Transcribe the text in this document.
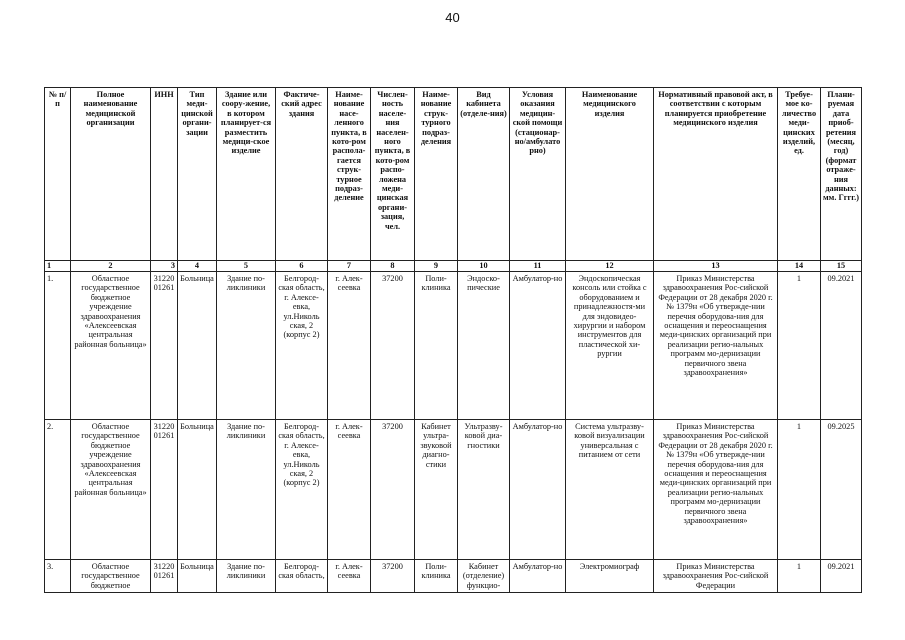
40
№ п/п	Полное наименование медицинской организации	ИНН	Тип меди-цинской органи-зации	Здание или соору-жение, в котором планирует-ся разместить медици-ское изделие	Фактиче-ский адрес здания	Наиме-нование насе-ленного пункта, в кото-ром распола-гается струк-турное подраз-деление	Числен-ность населе-ния населен-ного пункта, в кото-ром распо-ложена меди-цинская органи-зация, чел.	Наиме-нование струк-турного подраз-деления	Вид кабинета (отделе-ния)	Условия оказания медицин-ской помощи (стационар-но/амбулато рно)	Наименование медицинского изделия	Нормативный правовой акт, в соответствии с которым планируется приобретение медицинского изделия	Требуе-мое ко-личество меди-цинских изделий, ед.	Плани-руемая дата приоб-ретения (месяц, год) (формат отраже-ния данных: мм. Гггг.)
1	2	3	4	5	6	7	8	9	10	11	12	13	14	15
1.	Областное государственное бюджетное учреждение здравоохранения «Алексеевская центральная районная больница»	31220 01261	Больница	Здание по-ликлиники	Белгород-ская область, г. Алексе-евка, ул.Николь ская, 2 (корпус 2)	г. Алек-сеевка	37200	Поли-клиника	Эндоско-пические	Амбулатор-но	Эндоскопическая консоль или стойка с оборудованием и принадлежностя-ми для эндовидео-хирургии и набором инструментов для пластической хи-рургии	Приказ Министерства здравоохранения Рос-сийской Федерации от 28 декабря 2020 г. № 1379н «Об утвержде-нии перечня оборудова-ния для оснащения и переоснащения меди-цинских организаций при реализации регио-нальных программ мо-дернизации первичного звена здравоохранения»	1	09.2021
2.	Областное государственное бюджетное учреждение здравоохранения «Алексеевская центральная районная больница»	31220 01261	Больница	Здание по-ликлиники	Белгород-ская область, г. Алексе-евка, ул.Николь ская, 2 (корпус 2)	г. Алек-сеевка	37200	Кабинет ультра-звуковой диагно-стики	Ультразву-ковой диа-гностики	Амбулатор-но	Система ультразву-ковой визуализации универсальная с питанием от сети	Приказ Министерства здравоохранения Рос-сийской Федерации от 28 декабря 2020 г. № 1379н «Об утвержде-нии перечня оборудова-ния для оснащения и переоснащения меди-цинских организаций при реализации регио-нальных программ мо-дернизации первичного звена здравоохранения»	1	09.2025
3.	Областное государственное бюджетное	31220 01261	Больница	Здание по-ликлиники	Белгород-ская область,	г. Алек-сеевка	37200	Поли-клиника	Кабинет (отделение) функцио-	Амбулатор-но	Электромиограф	Приказ Министерства здравоохранения Рос-сийской Федерации	1	09.2021
